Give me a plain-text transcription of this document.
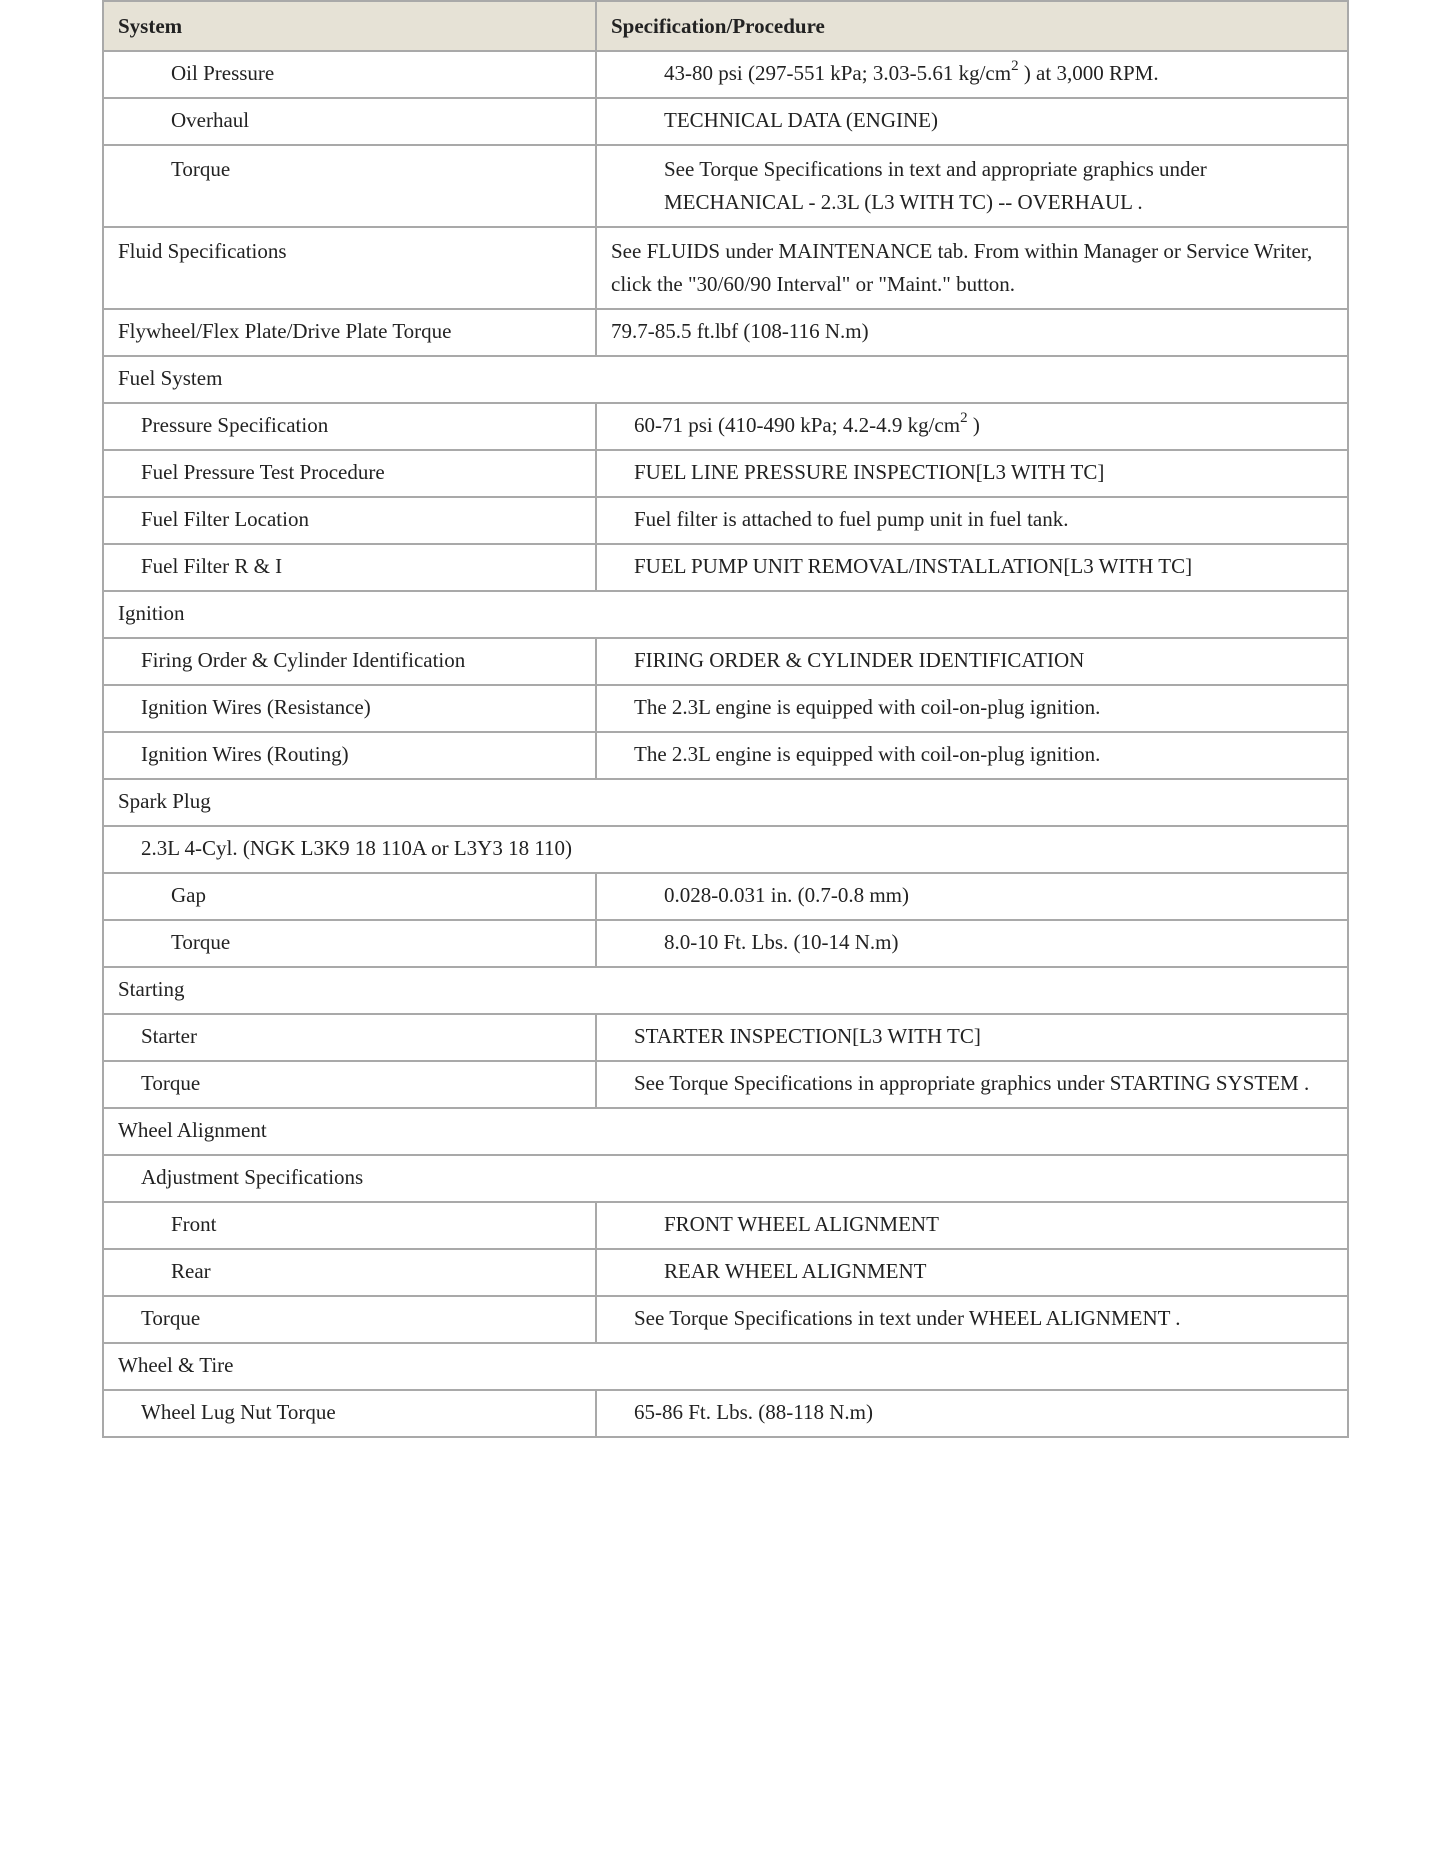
System	Specification/Procedure
Oil Pressure	43-80 psi (297-551 kPa; 3.03-5.61 $kg/cm^2$ ) at 3,000 RPM.
Overhaul	TECHNICAL DATA (ENGINE)
Torque	See Torque Specifications in text and appropriate graphics under MECHANICAL - 2.3L (L3 WITH TC) -- OVERHAUL .
Fluid Specifications	See FLUIDS under MAINTENANCE tab. From within Manager or Service Writer, click the "30/60/90 Interval" or "Maint." button.
Flywheel/Flex Plate/Drive Plate Torque	79.7-85.5 ft.lbf (108-116 N.m)
Fuel System	
Pressure Specification	60-71 psi (410-490 kPa; 4.2-4.9 $kg/cm^2$ )
Fuel Pressure Test Procedure	FUEL LINE PRESSURE INSPECTION[L3 WITH TC]
Fuel Filter Location	Fuel filter is attached to fuel pump unit in fuel tank.
Fuel Filter R & I	FUEL PUMP UNIT REMOVAL/INSTALLATION[L3 WITH TC]
Ignition	
Firing Order & Cylinder Identification	FIRING ORDER & CYLINDER IDENTIFICATION
Ignition Wires (Resistance)	The 2.3L engine is equipped with coil-on-plug ignition.
Ignition Wires (Routing)	The 2.3L engine is equipped with coil-on-plug ignition.
Spark Plug	
2.3L 4-Cyl. (NGK L3K9 18 110A or L3Y3 18 110)	
Gap	0.028-0.031 in. (0.7-0.8 mm)
Torque	8.0-10 Ft. Lbs. (10-14 N.m)
Starting	
Starter	STARTER INSPECTION[L3 WITH TC]
Torque	See Torque Specifications in appropriate graphics under STARTING SYSTEM .
Wheel Alignment	
Adjustment Specifications	
Front	FRONT WHEEL ALIGNMENT
Rear	REAR WHEEL ALIGNMENT
Torque	See Torque Specifications in text under WHEEL ALIGNMENT .
Wheel & Tire	
Wheel Lug Nut Torque	65-86 Ft. Lbs. (88-118 N.m)
